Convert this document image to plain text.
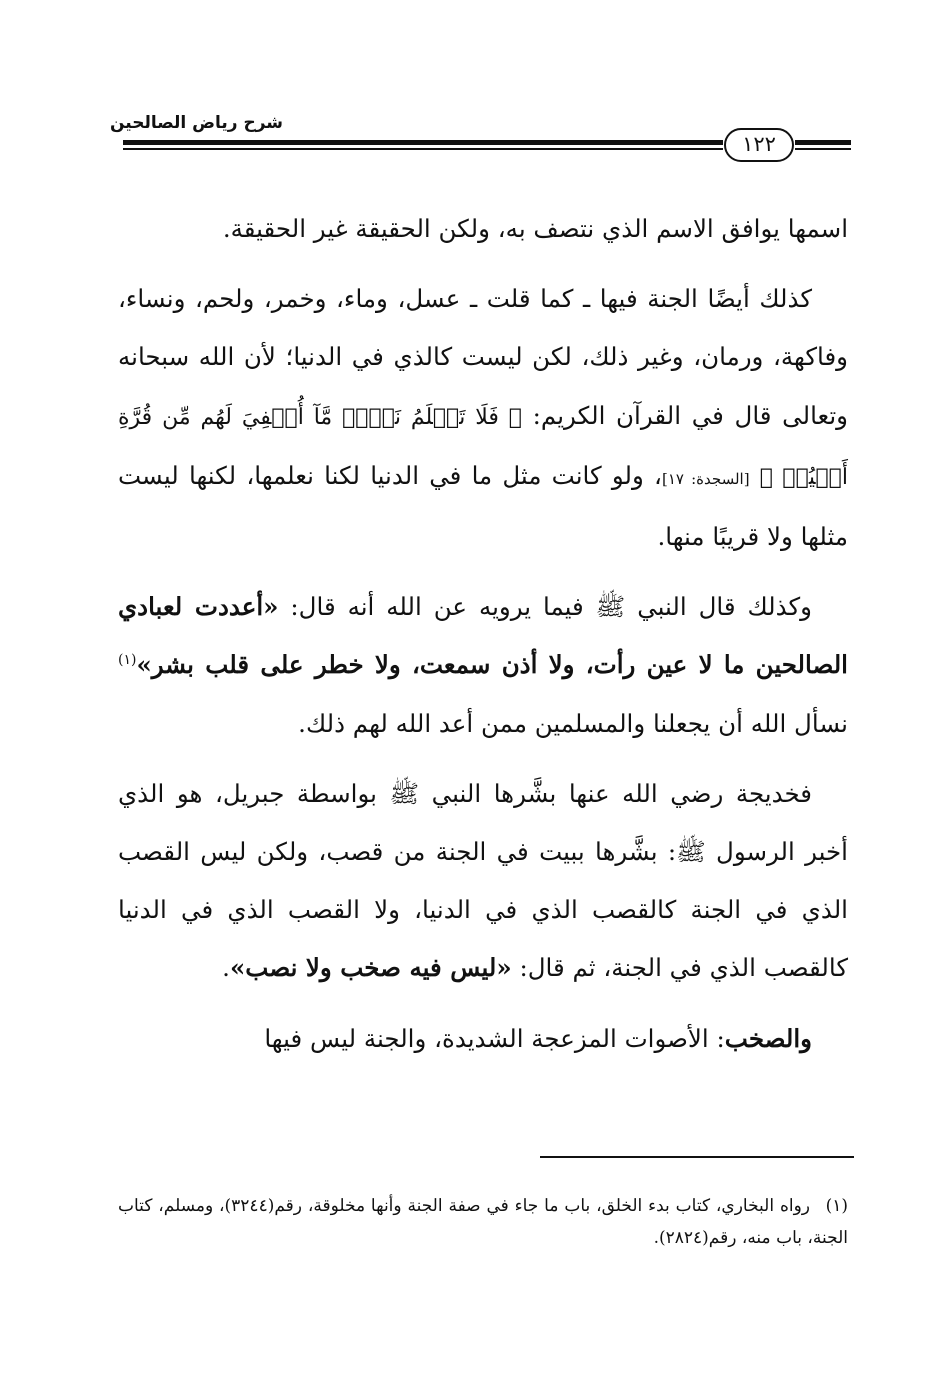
شرح رياض الصالحين
١٢٢

اسمها يوافق الاسم الذي نتصف به، ولكن الحقيقة غير الحقيقة.

كذلك أيضًا الجنة فيها ـ كما قلت ـ عسل، وماء، وخمر، ولحم، ونساء، وفاكهة، ورمان، وغير ذلك، لكن ليست كالذي في الدنيا؛ لأن الله سبحانه وتعالى قال في القرآن الكريم: ﴿ فَلَا تَعۡلَمُ نَفۡسٞ مَّآ أُخۡفِيَ لَهُم مِّن قُرَّةِ أَعۡيُنٖ ﴾ [السجدة: ١٧]، ولو كانت مثل ما في الدنيا لكنا نعلمها، لكنها ليست مثلها ولا قريبًا منها.

وكذلك قال النبي ﷺ فيما يرويه عن الله أنه قال: «أعددت لعبادي الصالحين ما لا عين رأت، ولا أذن سمعت، ولا خطر على قلب بشر»$^{(١)}$ نسأل الله أن يجعلنا والمسلمين ممن أعد الله لهم ذلك.

فخديجة رضي الله عنها بشَّرها النبي ﷺ بواسطة جبريل، هو الذي أخبر الرسول ﷺ: بشَّرها ببيت في الجنة من قصب، ولكن ليس القصب الذي في الجنة كالقصب الذي في الدنيا، ولا القصب الذي في الدنيا كالقصب الذي في الجنة، ثم قال: «ليس فيه صخب ولا نصب».

والصخب: الأصوات المزعجة الشديدة، والجنة ليس فيها

(١)رواه البخاري، كتاب بدء الخلق، باب ما جاء في صفة الجنة وأنها مخلوقة، رقم(٣٢٤٤)، ومسلم، كتاب الجنة، باب منه، رقم(٢٨٢٤).
